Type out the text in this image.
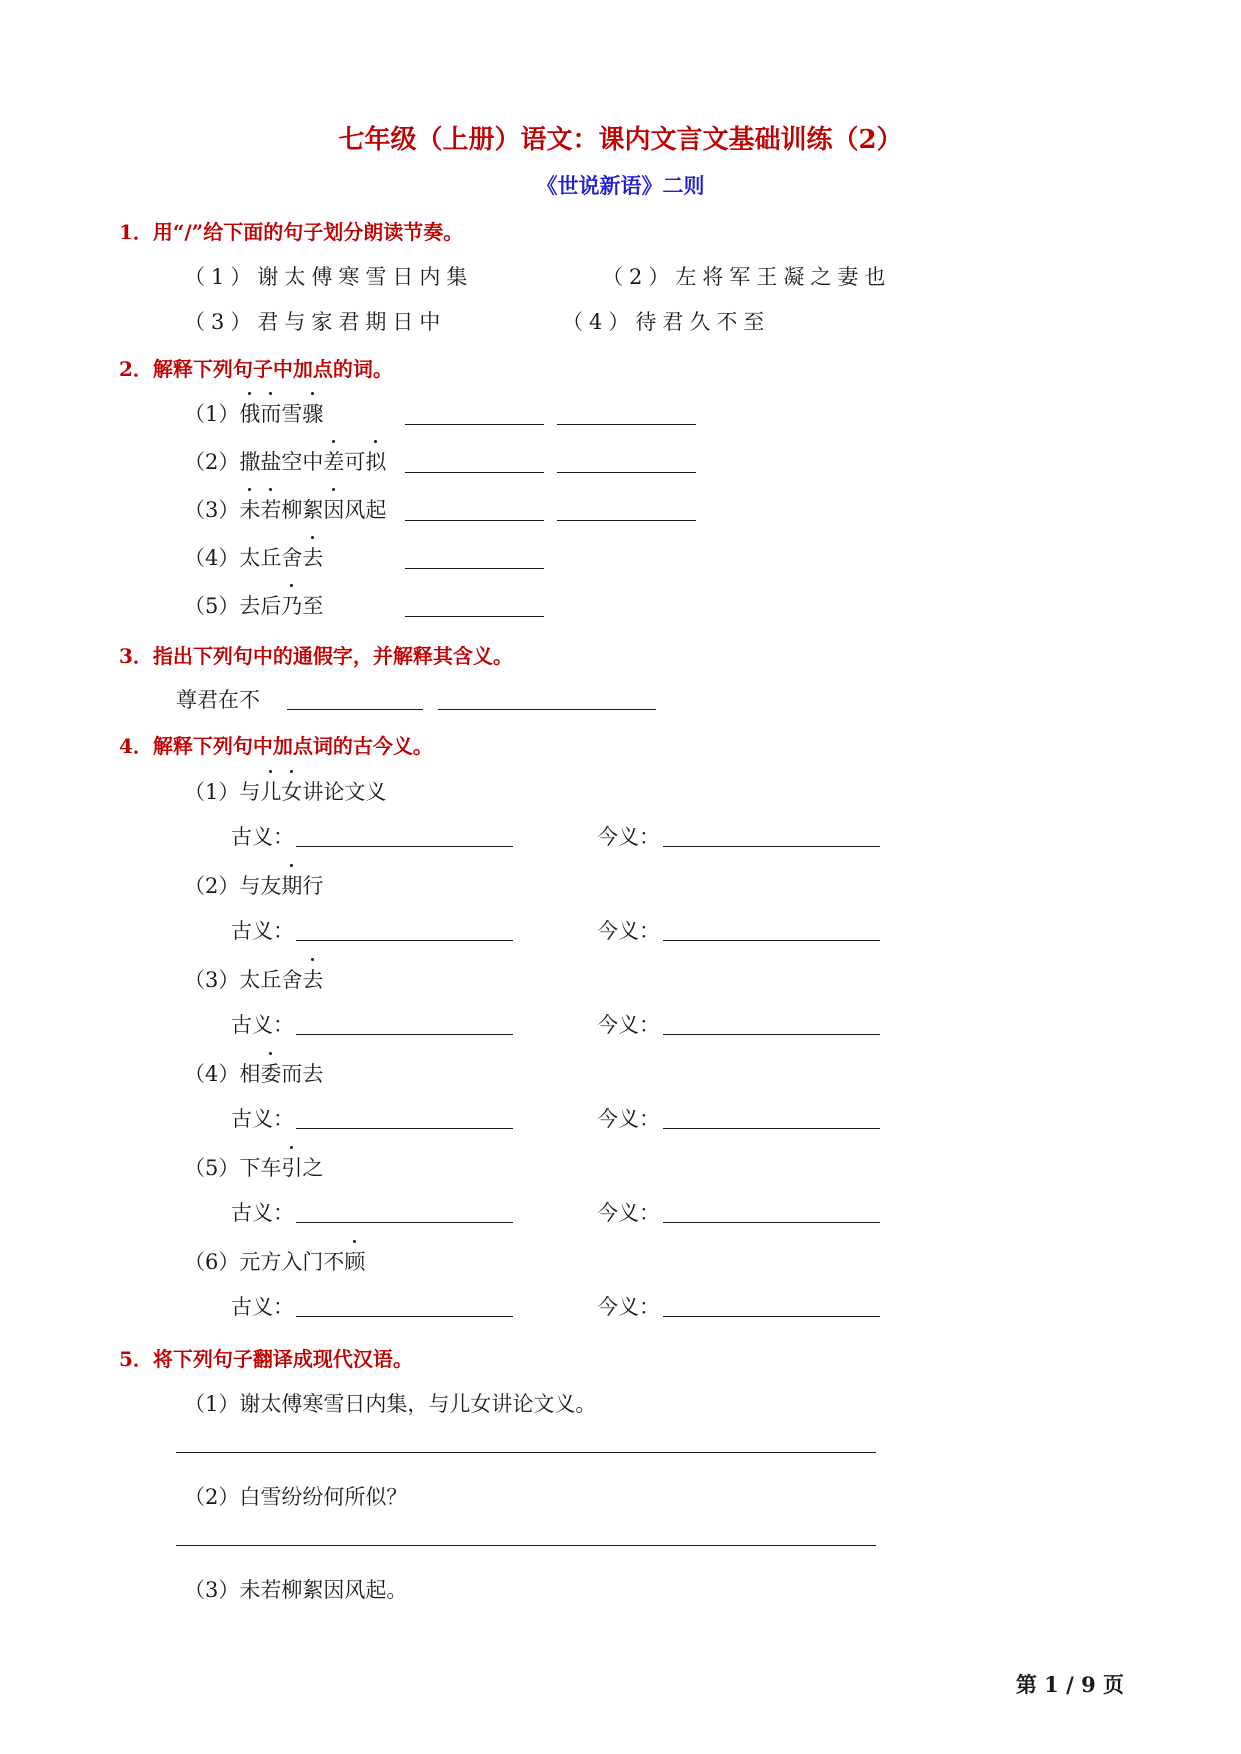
七年级（上册）语文：课内文言文基础训练（2）
《世说新语》二则
1．用“/”给下面的句子划分朗读节奏。
（1）谢太傅寒雪日内集	（2）左将军王凝之妻也
（3）君与家君期日中	（4）待君久不至
2．解释下列句子中加点的词。
（1）俄而雪骤
（2）撒盐空中差可拟
（3）未若柳絮因风起
（4）太丘舍去
（5）去后乃至
3．指出下列句中的通假字，并解释其含义。
尊君在不
4．解释下列句中加点词的古今义。
（1）与儿女讲论文义
古义：	今义：
（2）与友期行
古义：	今义：
（3）太丘舍去
古义：	今义：
（4）相委而去
古义：	今义：
（5）下车引之
古义：	今义：
（6）元方入门不顾
古义：	今义：
5．将下列句子翻译成现代汉语。
（1）谢太傅寒雪日内集，与儿女讲论文义。
（2）白雪纷纷何所似？
（3）未若柳絮因风起。
第 1 / 9 页
